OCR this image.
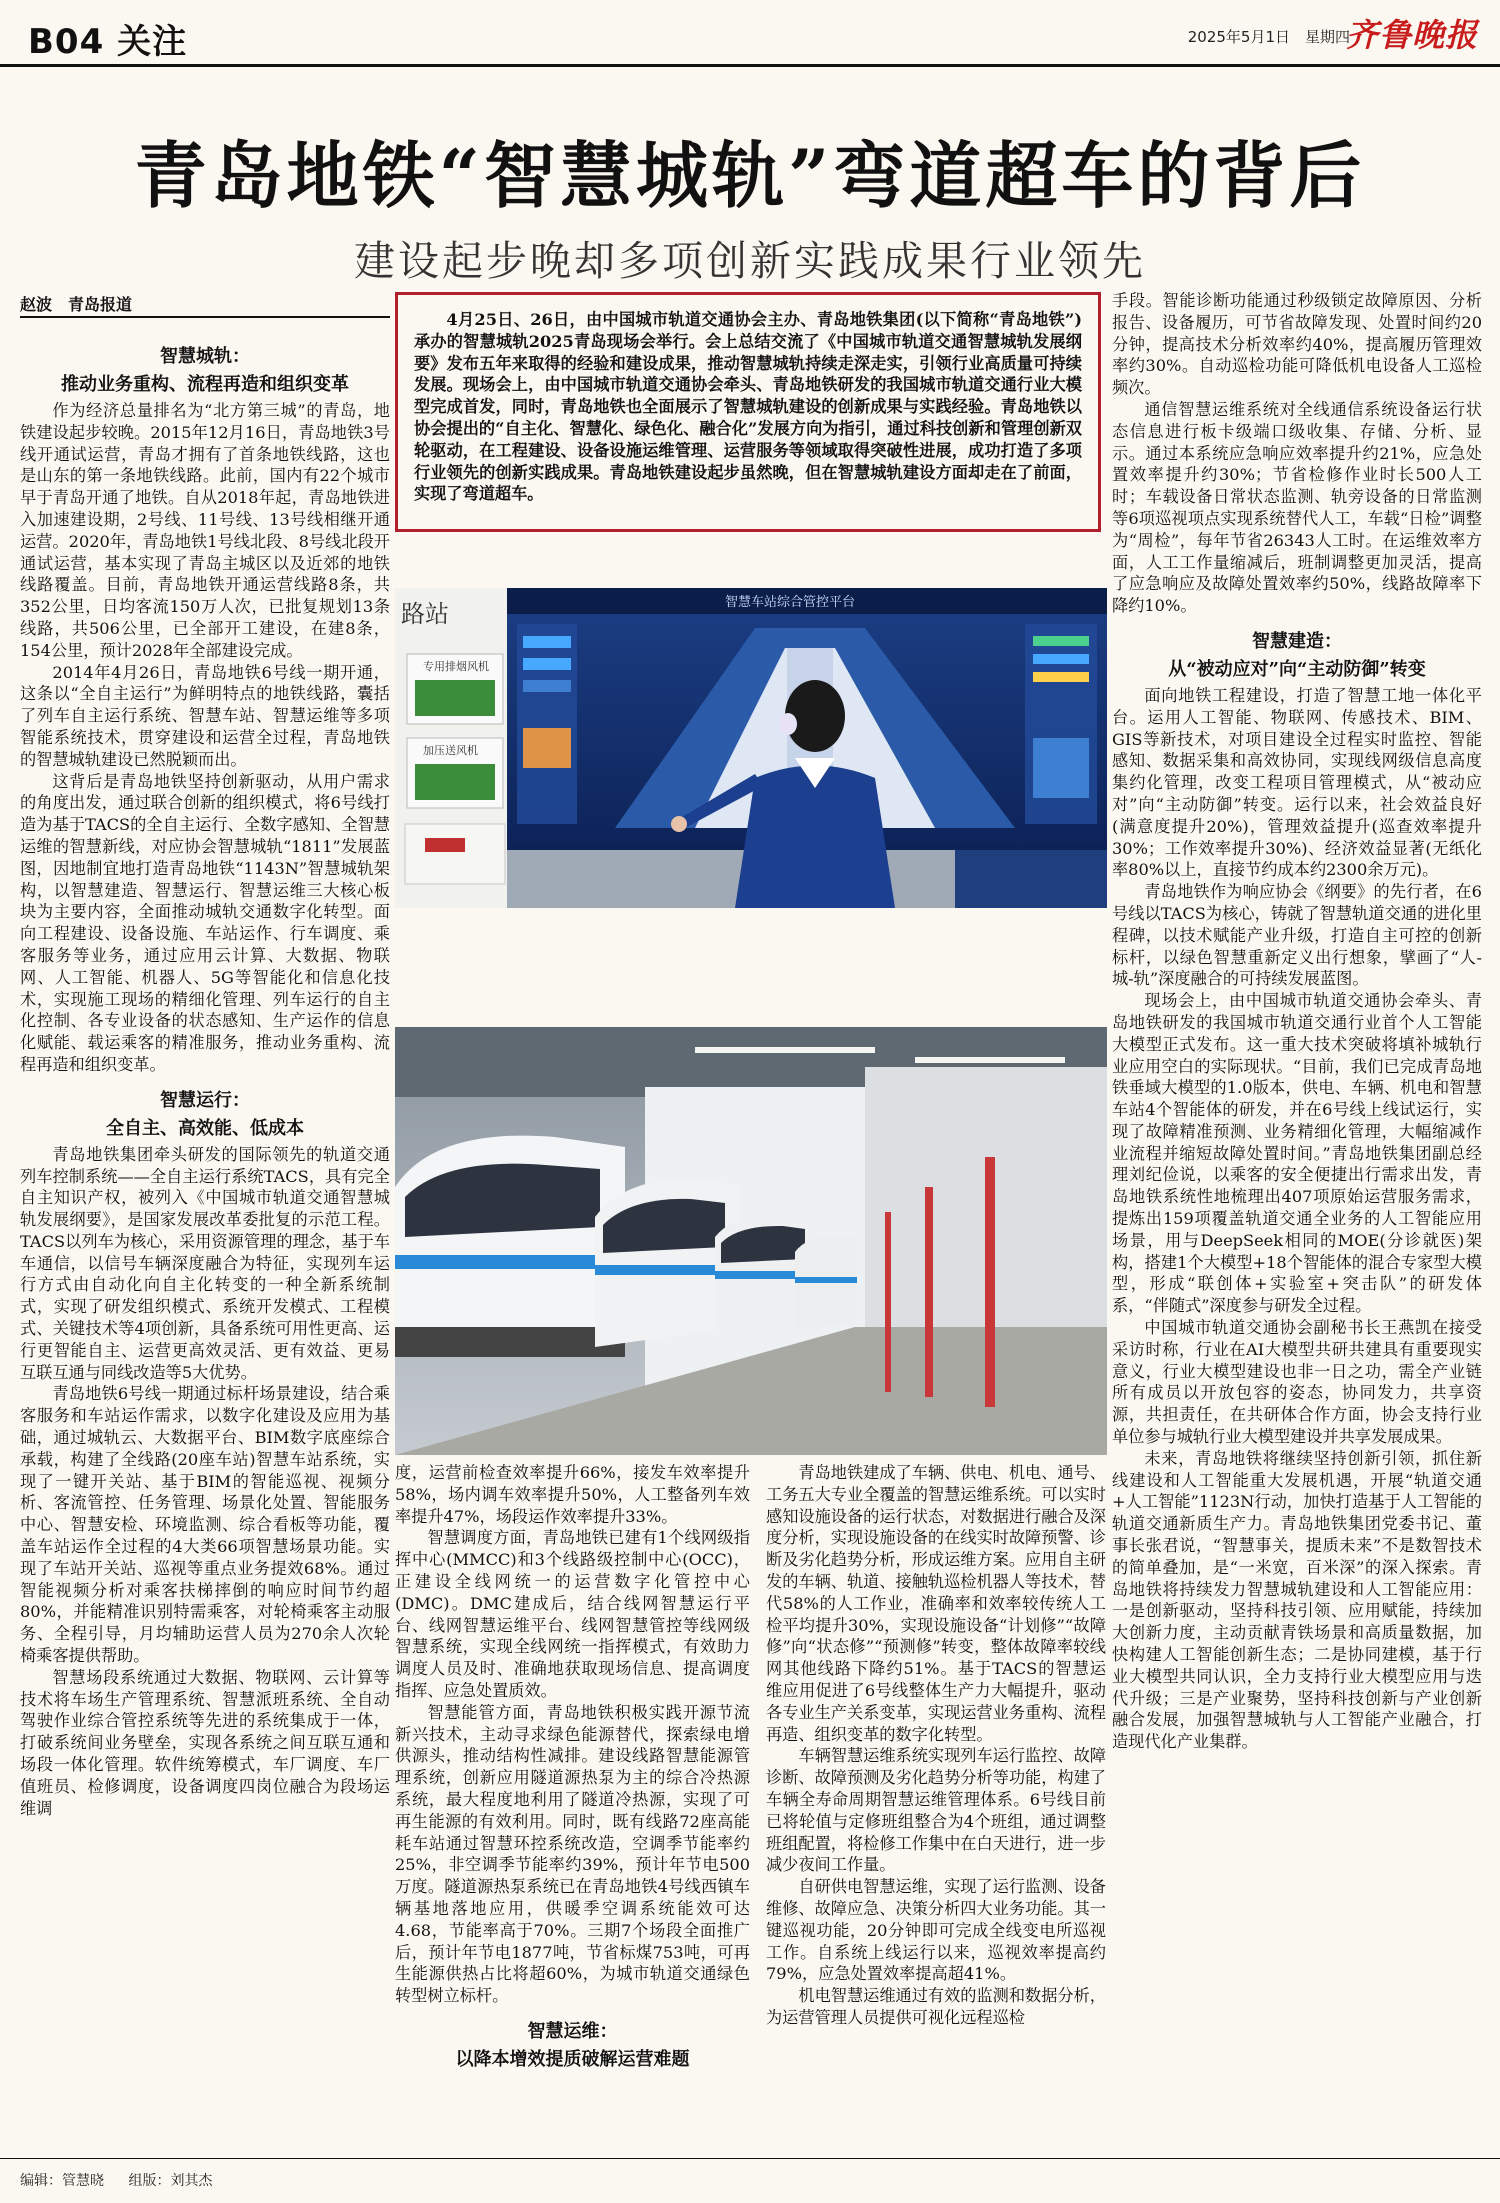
B04 关注	2025年5月1日　星期四
齐鲁晚报
青岛地铁“智慧城轨”弯道超车的背后
建设起步晚却多项创新实践成果行业领先
赵波　青岛报道
智慧城轨：
推动业务重构、流程再造和组织变革

作为经济总量排名为“北方第三城”的青岛，地铁建设起步较晚。2015年12月16日，青岛地铁3号线开通试运营，青岛才拥有了首条地铁线路，这也是山东的第一条地铁线路。此前，国内有22个城市早于青岛开通了地铁。自从2018年起，青岛地铁进入加速建设期，2号线、11号线、13号线相继开通运营。2020年，青岛地铁1号线北段、8号线北段开通试运营，基本实现了青岛主城区以及近郊的地铁线路覆盖。目前，青岛地铁开通运营线路8条，共352公里，日均客流150万人次，已批复规划13条线路，共506公里，已全部开工建设，在建8条，154公里，预计2028年全部建设完成。

2014年4月26日，青岛地铁6号线一期开通，这条以“全自主运行”为鲜明特点的地铁线路，囊括了列车自主运行系统、智慧车站、智慧运维等多项智能系统技术，贯穿建设和运营全过程，青岛地铁的智慧城轨建设已然脱颖而出。

这背后是青岛地铁坚持创新驱动，从用户需求的角度出发，通过联合创新的组织模式，将6号线打造为基于TACS的全自主运行、全数字感知、全智慧运维的智慧新线，对应协会智慧城轨“1811”发展蓝图，因地制宜地打造青岛地铁“1143N”智慧城轨架构，以智慧建造、智慧运行、智慧运维三大核心板块为主要内容，全面推动城轨交通数字化转型。面向工程建设、设备设施、车站运作、行车调度、乘客服务等业务，通过应用云计算、大数据、物联网、人工智能、机器人、5G等智能化和信息化技术，实现施工现场的精细化管理、列车运行的自主化控制、各专业设备的状态感知、生产运作的信息化赋能、载运乘客的精准服务，推动业务重构、流程再造和组织变革。

智慧运行：
全自主、高效能、低成本

青岛地铁集团牵头研发的国际领先的轨道交通列车控制系统——全自主运行系统TACS，具有完全自主知识产权，被列入《中国城市轨道交通智慧城轨发展纲要》，是国家发展改革委批复的示范工程。TACS以列车为核心，采用资源管理的理念，基于车车通信，以信号车辆深度融合为特征，实现列车运行方式由自动化向自主化转变的一种全新系统制式，实现了研发组织模式、系统开发模式、工程模式、关键技术等4项创新，具备系统可用性更高、运行更智能自主、运营更高效灵活、更有效益、更易互联互通与同线改造等5大优势。

青岛地铁6号线一期通过标杆场景建设，结合乘客服务和车站运作需求，以数字化建设及应用为基础，通过城轨云、大数据平台、BIM数字底座综合承载，构建了全线路(20座车站)智慧车站系统，实现了一键开关站、基于BIM的智能巡视、视频分析、客流管控、任务管理、场景化处置、智能服务中心、智慧安检、环境监测、综合看板等功能，覆盖车站运作全过程的4大类66项智慧场景功能。实现了车站开关站、巡视等重点业务提效68%。通过智能视频分析对乘客扶梯摔倒的响应时间节约超80%，并能精准识别特需乘客，对轮椅乘客主动服务、全程引导，月均辅助运营人员为270余人次轮椅乘客提供帮助。

智慧场段系统通过大数据、物联网、云计算等技术将车场生产管理系统、智慧派班系统、全自动驾驶作业综合管控系统等先进的系统集成于一体，打破系统间业务壁垒，实现各系统之间互联互通和场段一体化管理。软件统筹模式，车厂调度、车厂值班员、检修调度，设备调度四岗位融合为段场运维调

4月25日、26日，由中国城市轨道交通协会主办、青岛地铁集团(以下简称“青岛地铁”)承办的智慧城轨2025青岛现场会举行。会上总结交流了《中国城市轨道交通智慧城轨发展纲要》发布五年来取得的经验和建设成果，推动智慧城轨持续走深走实，引领行业高质量可持续发展。现场会上，由中国城市轨道交通协会牵头、青岛地铁研发的我国城市轨道交通行业大模型完成首发，同时，青岛地铁也全面展示了智慧城轨建设的创新成果与实践经验。青岛地铁以协会提出的“自主化、智慧化、绿色化、融合化”发展方向为指引，通过科技创新和管理创新双轮驱动，在工程建设、设备设施运维管理、运营服务等领域取得突破性进展，成功打造了多项行业领先的创新实践成果。青岛地铁建设起步虽然晚，但在智慧城轨建设方面却走在了前面，实现了弯道超车。

路站
专用排烟风机
加压送风机
智慧车站综合管控平台

度，运营前检查效率提升66%，接发车效率提升58%，场内调车效率提升50%，人工整备列车效率提升47%，场段运作效率提升33%。

智慧调度方面，青岛地铁已建有1个线网级指挥中心(MMCC)和3个线路级控制中心(OCC)，正建设全线网统一的运营数字化管控中心(DMC)。DMC建成后，结合线网智慧运行平台、线网智慧运维平台、线网智慧管控等线网级智慧系统，实现全线网统一指挥模式，有效助力调度人员及时、准确地获取现场信息、提高调度指挥、应急处置质效。

智慧能管方面，青岛地铁积极实践开源节流新兴技术，主动寻求绿色能源替代，探索绿电增供源头，推动结构性减排。建设线路智慧能源管理系统，创新应用隧道源热泵为主的综合冷热源系统，最大程度地利用了隧道冷热源，实现了可再生能源的有效利用。同时，既有线路72座高能耗车站通过智慧环控系统改造，空调季节能率约25%，非空调季节能率约39%，预计年节电500万度。隧道源热泵系统已在青岛地铁4号线西镇车辆基地落地应用，供暖季空调系统能效可达4.68，节能率高于70%。三期7个场段全面推广后，预计年节电1877吨，节省标煤753吨，可再生能源供热占比将超60%，为城市轨道交通绿色转型树立标杆。

智慧运维：
以降本增效提质破解运营难题

青岛地铁建成了车辆、供电、机电、通号、工务五大专业全覆盖的智慧运维系统。可以实时感知设施设备的运行状态，对数据进行融合及深度分析，实现设施设备的在线实时故障预警、诊断及劣化趋势分析，形成运维方案。应用自主研发的车辆、轨道、接触轨巡检机器人等技术，替代58%的人工作业，准确率和效率较传统人工检平均提升30%，实现设施设备“计划修”“故障修”向“状态修”“预测修”转变，整体故障率较线网其他线路下降约51%。基于TACS的智慧运维应用促进了6号线整体生产力大幅提升，驱动各专业生产关系变革，实现运营业务重构、流程再造、组织变革的数字化转型。

车辆智慧运维系统实现列车运行监控、故障诊断、故障预测及劣化趋势分析等功能，构建了车辆全寿命周期智慧运维管理体系。6号线目前已将轮值与定修班组整合为4个班组，通过调整班组配置，将检修工作集中在白天进行，进一步减少夜间工作量。

自研供电智慧运维，实现了运行监测、设备维修、故障应急、决策分析四大业务功能。其一键巡视功能，20分钟即可完成全线变电所巡视工作。自系统上线运行以来，巡视效率提高约79%，应急处置效率提高超41%。

机电智慧运维通过有效的监测和数据分析，为运营管理人员提供可视化远程巡检

手段。智能诊断功能通过秒级锁定故障原因、分析报告、设备履历，可节省故障发现、处置时间约20分钟，提高技术分析效率约40%，提高履历管理效率约30%。自动巡检功能可降低机电设备人工巡检频次。

通信智慧运维系统对全线通信系统设备运行状态信息进行板卡级端口级收集、存储、分析、显示。通过本系统应急响应效率提升约21%，应急处置效率提升约30%；节省检修作业时长500人工时；车载设备日常状态监测、轨旁设备的日常监测等6项巡视项点实现系统替代人工，车载“日检”调整为“周检”，每年节省26343人工时。在运维效率方面，人工工作量缩减后，班制调整更加灵活，提高了应急响应及故障处置效率约50%，线路故障率下降约10%。

智慧建造：
从“被动应对”向“主动防御”转变

面向地铁工程建设，打造了智慧工地一体化平台。运用人工智能、物联网、传感技术、BIM、GIS等新技术，对项目建设全过程实时监控、智能感知、数据采集和高效协同，实现线网级信息高度集约化管理，改变工程项目管理模式，从“被动应对”向“主动防御”转变。运行以来，社会效益良好(满意度提升20%)，管理效益提升(巡查效率提升30%；工作效率提升30%)、经济效益显著(无纸化率80%以上，直接节约成本约2300余万元)。

青岛地铁作为响应协会《纲要》的先行者，在6号线以TACS为核心，铸就了智慧轨道交通的进化里程碑，以技术赋能产业升级，打造自主可控的创新标杆，以绿色智慧重新定义出行想象，擘画了“人-城-轨”深度融合的可持续发展蓝图。

现场会上，由中国城市轨道交通协会牵头、青岛地铁研发的我国城市轨道交通行业首个人工智能大模型正式发布。这一重大技术突破将填补城轨行业应用空白的实际现状。“目前，我们已完成青岛地铁垂域大模型的1.0版本，供电、车辆、机电和智慧车站4个智能体的研发，并在6号线上线试运行，实现了故障精准预测、业务精细化管理，大幅缩减作业流程并缩短故障处置时间。”青岛地铁集团副总经理刘纪俭说，以乘客的安全便捷出行需求出发，青岛地铁系统性地梳理出407项原始运营服务需求，提炼出159项覆盖轨道交通全业务的人工智能应用场景，用与DeepSeek相同的MOE(分诊就医)架构，搭建1个大模型+18个智能体的混合专家型大模型，形成“联创体+实验室+突击队”的研发体系，“伴随式”深度参与研发全过程。

中国城市轨道交通协会副秘书长王燕凯在接受采访时称，行业在AI大模型共研共建具有重要现实意义，行业大模型建设也非一日之功，需全产业链所有成员以开放包容的姿态，协同发力，共享资源，共担责任，在共研体合作方面，协会支持行业单位参与城轨行业大模型建设并共享发展成果。

未来，青岛地铁将继续坚持创新引领，抓住新线建设和人工智能重大发展机遇，开展“轨道交通+人工智能”1123N行动，加快打造基于人工智能的轨道交通新质生产力。青岛地铁集团党委书记、董事长张君说，“智慧事关，提质未来”不是数智技术的简单叠加，是“一米宽，百米深”的深入探索。青岛地铁将持续发力智慧城轨建设和人工智能应用：一是创新驱动，坚持科技引领、应用赋能，持续加大创新力度，主动贡献青铁场景和高质量数据，加快构建人工智能创新生态；二是协同建模，基于行业大模型共同认识，全力支持行业大模型应用与迭代升级；三是产业聚势，坚持科技创新与产业创新融合发展，加强智慧城轨与人工智能产业融合，打造现代化产业集群。

编辑：管慧晓 组版：刘其杰
